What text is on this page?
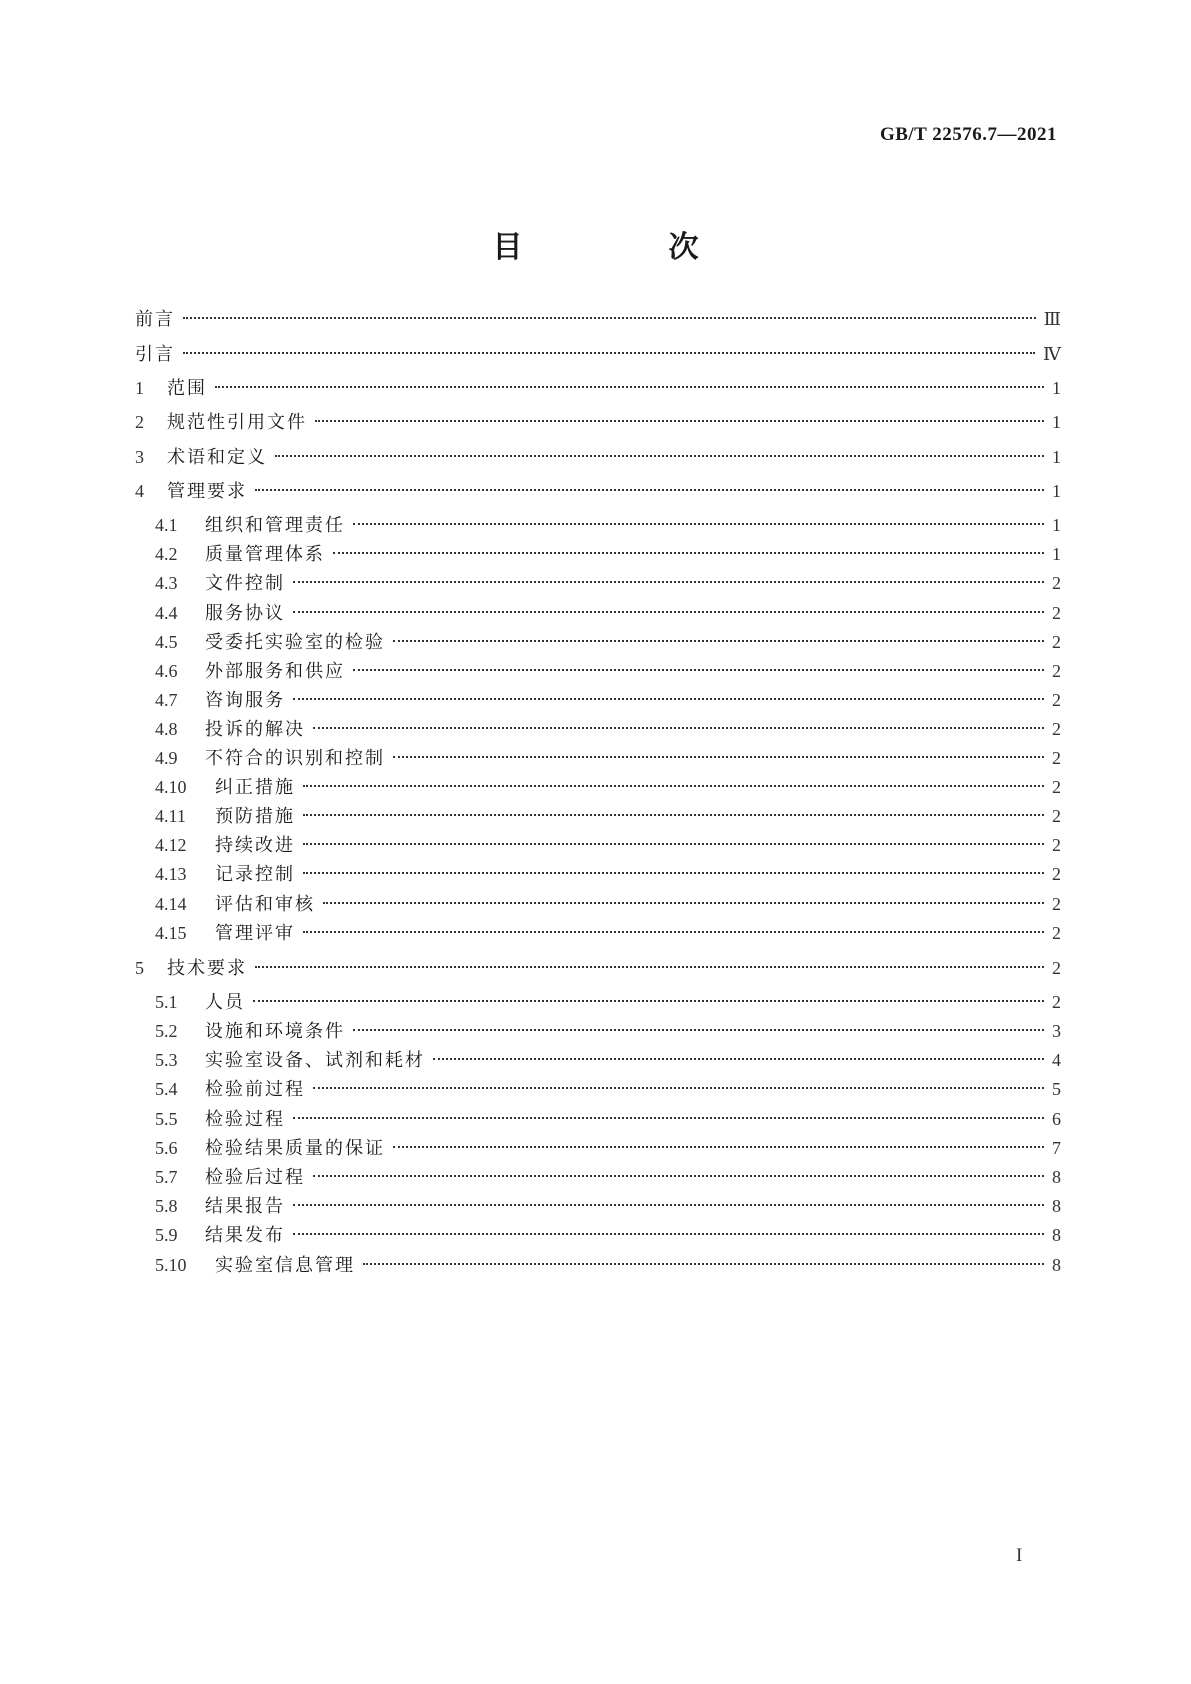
GB/T 22576.7—2021
目　次
前言	Ⅲ
引言	Ⅳ
1	范围	1
2	规范性引用文件	1
3	术语和定义	1
4	管理要求	1
4.1	组织和管理责任	1
4.2	质量管理体系	1
4.3	文件控制	2
4.4	服务协议	2
4.5	受委托实验室的检验	2
4.6	外部服务和供应	2
4.7	咨询服务	2
4.8	投诉的解决	2
4.9	不符合的识别和控制	2
4.10	纠正措施	2
4.11	预防措施	2
4.12	持续改进	2
4.13	记录控制	2
4.14	评估和审核	2
4.15	管理评审	2
5	技术要求	2
5.1	人员	2
5.2	设施和环境条件	3
5.3	实验室设备、试剂和耗材	4
5.4	检验前过程	5
5.5	检验过程	6
5.6	检验结果质量的保证	7
5.7	检验后过程	8
5.8	结果报告	8
5.9	结果发布	8
5.10	实验室信息管理	8
I
